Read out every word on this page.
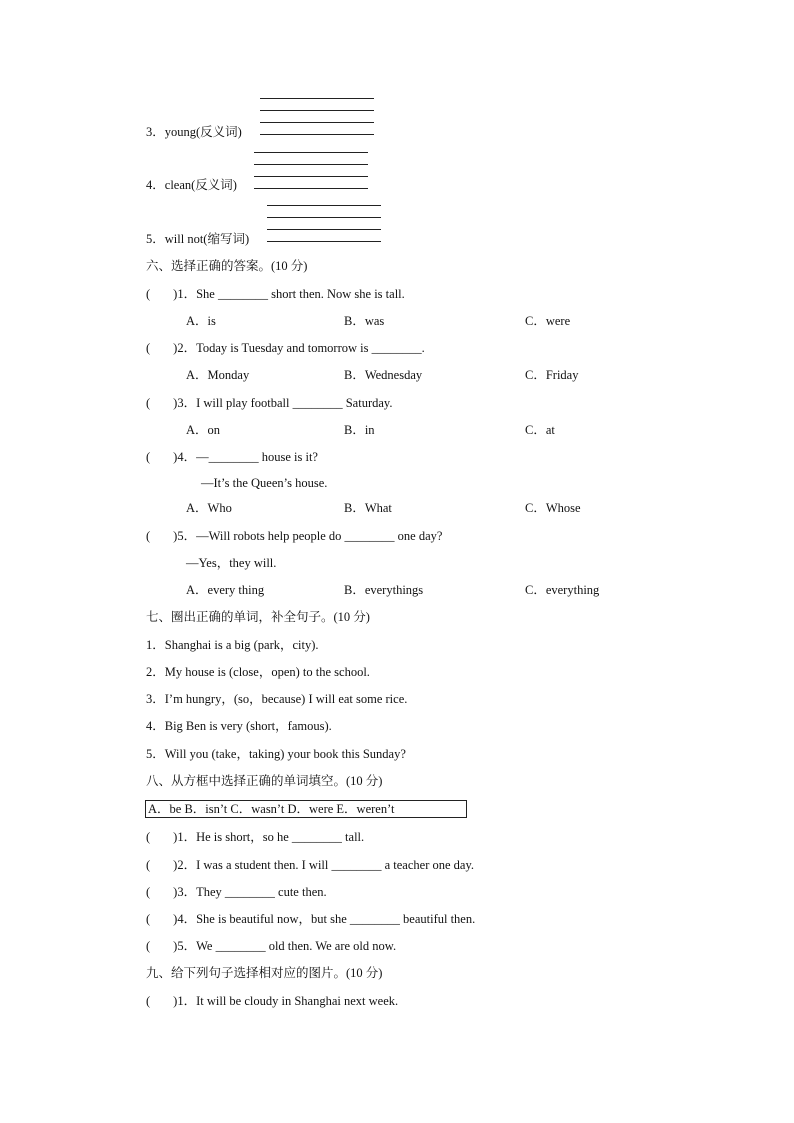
3．young(反义词)
4．clean(反义词)
5．will not(缩写词)
六、选择正确的答案。(10 分)
( )1．She ________ short then. Now she is tall.
A．is	B．was	C．were
( )2．Today is Tuesday and tomorrow is ________.
A．Monday	B．Wednesday	C．Friday
( )3．I will play football ________ Saturday.
A．on	B．in	C．at
( )4．—________ house is it?
—It’s the Queen’s house.
A．Who	B．What	C．Whose
( )5．—Will robots help people do ________ one day?
—Yes，they will.
A．every thing	B．everythings	C．everything
七、圈出正确的单词，补全句子。(10 分)
1．Shanghai is a big (park，city).
2．My house is (close，open) to the school.
3．I’m hungry，(so，because) I will eat some rice.
4．Big Ben is very (short，famous).
5．Will you (take，taking) your book this Sunday?
八、从方框中选择正确的单词填空。(10 分)
A．be B．isn’t C．wasn’t D．were E．weren’t
( )1．He is short，so he ________ tall.
( )2．I was a student then. I will ________ a teacher one day.
( )3．They ________ cute then.
( )4．She is beautiful now，but she ________ beautiful then.
( )5．We ________ old then. We are old now.
九、给下列句子选择相对应的图片。(10 分)
( )1．It will be cloudy in Shanghai next week.
